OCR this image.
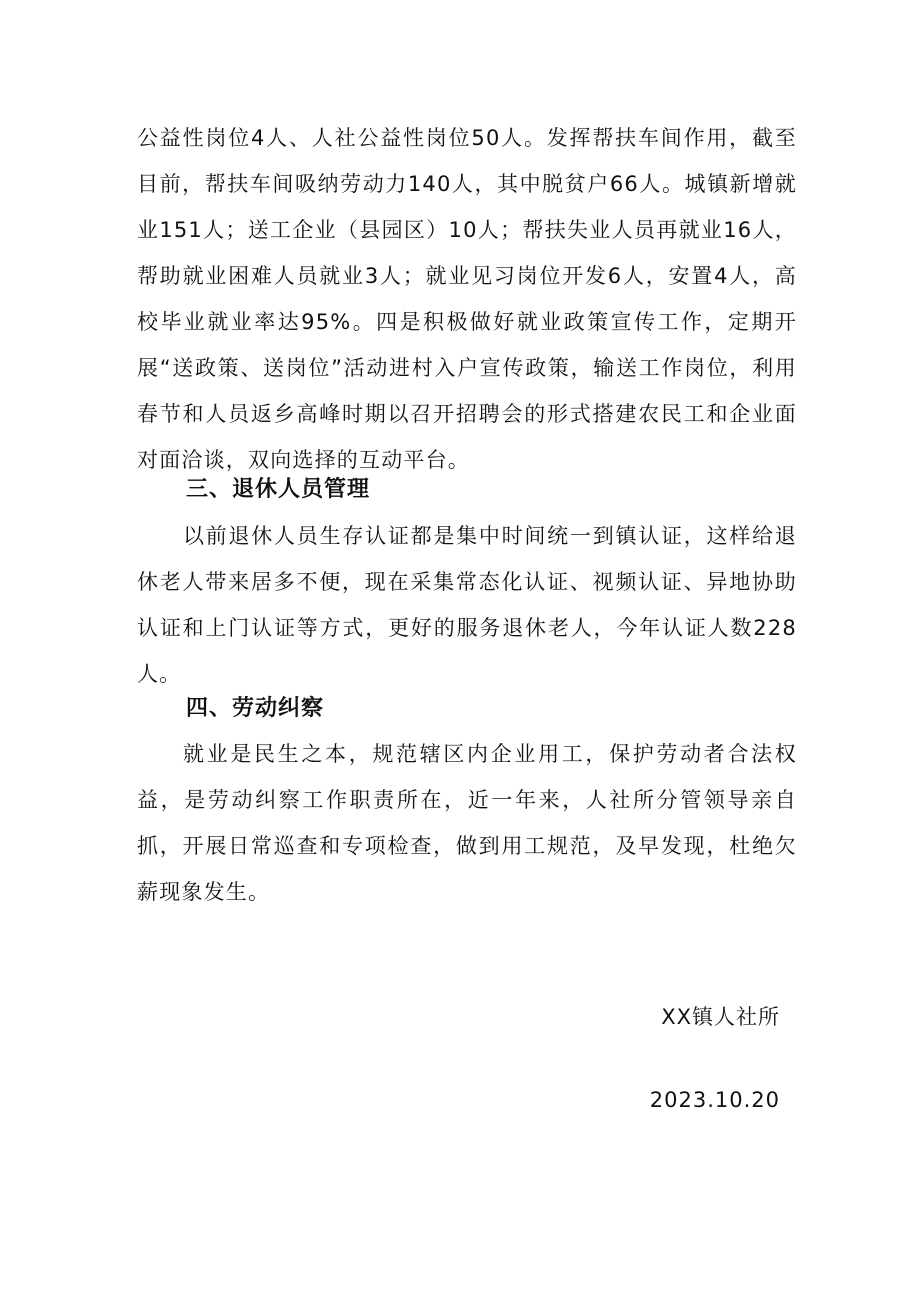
公益性岗位4人、人社公益性岗位50人。发挥帮扶车间作用，截至目前，帮扶车间吸纳劳动力140人，其中脱贫户66人。城镇新增就业151人；送工企业（县园区）10人；帮扶失业人员再就业16人，帮助就业困难人员就业3人；就业见习岗位开发6人，安置4人，高校毕业就业率达95%。四是积极做好就业政策宣传工作，定期开展“送政策、送岗位”活动进村入户宣传政策，输送工作岗位，利用春节和人员返乡高峰时期以召开招聘会的形式搭建农民工和企业面对面洽谈，双向选择的互动平台。

三、退休人员管理

以前退休人员生存认证都是集中时间统一到镇认证，这样给退休老人带来居多不便，现在采集常态化认证、视频认证、异地协助认证和上门认证等方式，更好的服务退休老人，今年认证人数228人。

四、劳动纠察

就业是民生之本，规范辖区内企业用工，保护劳动者合法权益，是劳动纠察工作职责所在，近一年来，人社所分管领导亲自抓，开展日常巡查和专项检查，做到用工规范，及早发现，杜绝欠薪现象发生。

XX镇人社所
2023.10.20
